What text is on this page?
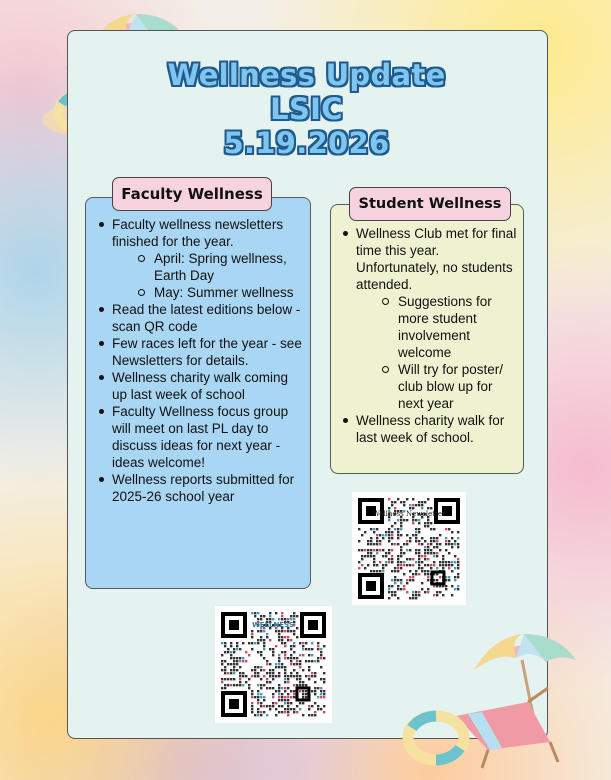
Wellness Update
LSIC
5.19.2026
Faculty Wellness
Faculty wellness newsletters finished for the year.
April: Spring wellness, Earth Day
May: Summer wellness
Read the latest editions below - scan QR code
Few races left for the year - see Newsletters for details.
Wellness charity walk coming up last week of school
Faculty Wellness focus group will meet on last PL day to discuss ideas for next year - ideas welcome!
Wellness reports submitted for 2025-26 school year
Student Wellness
Wellness Club met for final time this year. Unfortunately, no students attended.
Suggestions for more student involvement welcome
Will try for poster/ club blow up for next year
Wellness charity walk for last week of school.
Wellness Newsletter
WELLNESS
